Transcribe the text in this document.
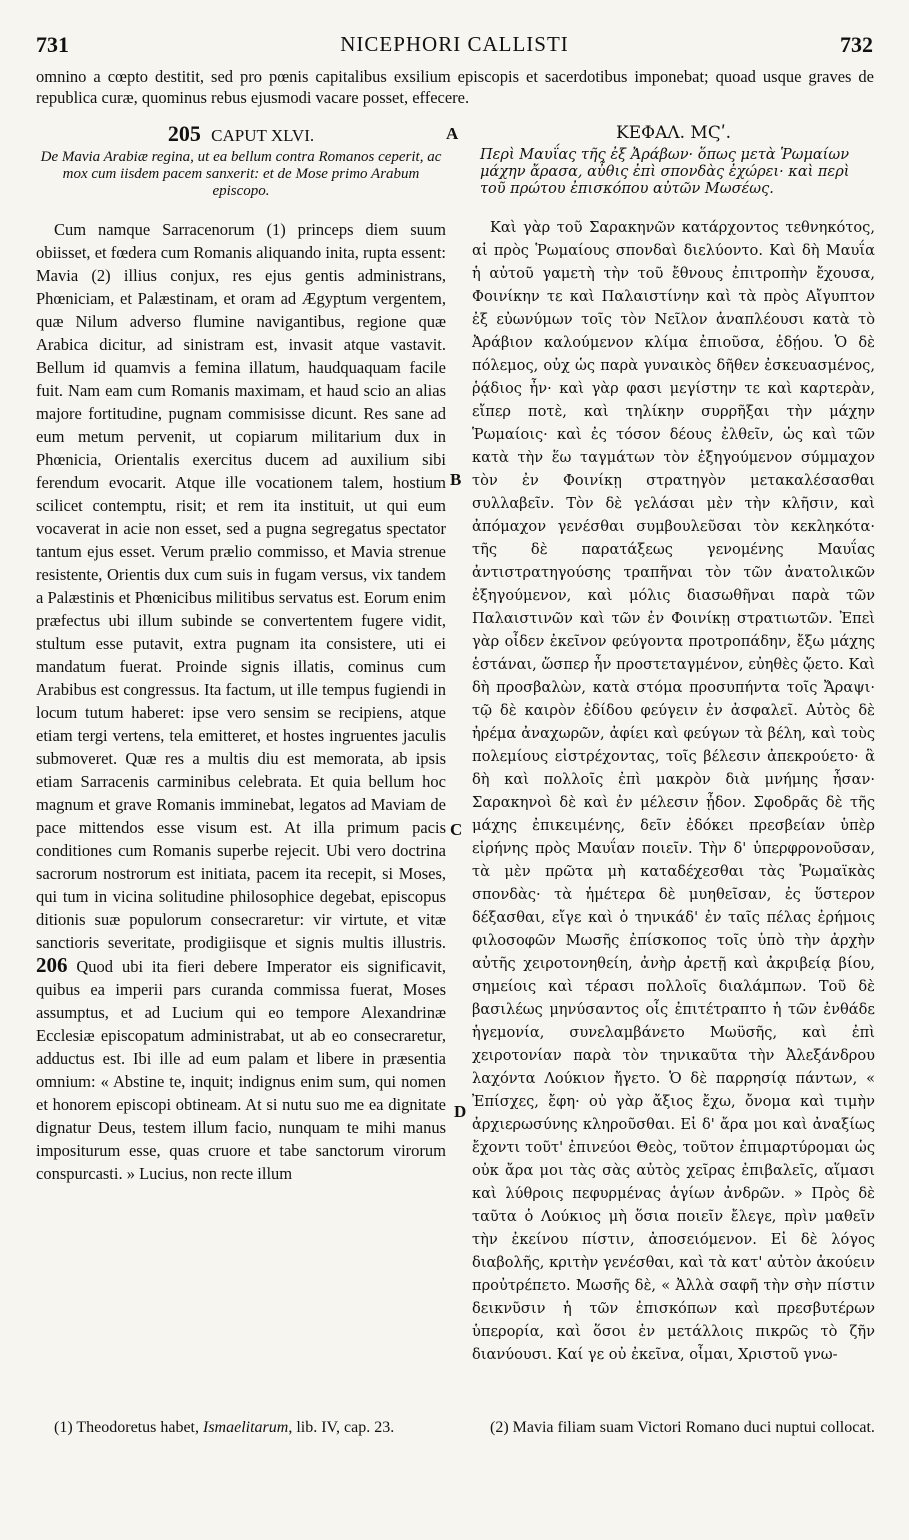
731	NICEPHORI CALLISTI	732
omnino a cœpto destitit, sed pro pœnis capitalibus exsilium episcopis et sacerdotibus imponebat; quoad usque graves de republica curæ, quominus rebus ejusmodi vacare posset, effecere.
205 CAPUT XLVI.
De Mavia Arabiæ regina, ut ea bellum contra Romanos ceperit, ac mox cum iisdem pacem sanxerit: et de Mose primo Arabum episcopo.
Cum namque Sarracenorum (1) princeps diem suum obiisset, et fœdera cum Romanis aliquando inita, rupta essent: Mavia (2) illius conjux, res ejus gentis administrans, Phœniciam, et Palæstinam, et oram ad Ægyptum vergentem, quæ Nilum adverso flumine navigantibus, regione quæ Arabica dicitur, ad sinistram est, invasit atque vastavit. Bellum id quamvis a femina illatum, haudquaquam facile fuit. Nam eam cum Romanis maximam, et haud scio an alias majore fortitudine, pugnam commisisse dicunt. Res sane ad eum metum pervenit, ut copiarum militarium dux in Phœnicia, Orientalis exercitus ducem ad auxilium sibi ferendum evocarit. Atque ille vocationem talem, hostium scilicet contemptu, risit; et rem ita instituit, ut qui eum vocaverat in acie non esset, sed a pugna segregatus spectator tantum ejus esset. Verum prælio commisso, et Mavia strenue resistente, Orientis dux cum suis in fugam versus, vix tandem a Palæstinis et Phœnicibus militibus servatus est. Eorum enim præfectus ubi illum subinde se convertentem fugere vidit, stultum esse putavit, extra pugnam ita consistere, uti ei mandatum fuerat. Proinde signis illatis, cominus cum Arabibus est congressus. Ita factum, ut ille tempus fugiendi in locum tutum haberet: ipse vero sensim se recipiens, atque etiam tergi vertens, tela emitteret, et hostes ingruentes jaculis submoveret. Quæ res a multis diu est memorata, ab ipsis etiam Sarracenis carminibus celebrata. Et quia bellum hoc magnum et grave Romanis imminebat, legatos ad Maviam de pace mittendos esse visum est. At illa primum pacis conditiones cum Romanis superbe rejecit. Ubi vero doctrina sacrorum nostrorum est initiata, pacem ita recepit, si Moses, qui tum in vicina solitudine philosophice degebat, episcopus ditionis suæ populorum consecraretur: vir virtute, et vitæ sanctioris severitate, prodigiisque et signis multis illustris. 206 Quod ubi ita fieri debere Imperator eis significavit, quibus ea imperii pars curanda commissa fuerat, Moses assumptus, et ad Lucium qui eo tempore Alexandrinæ Ecclesiæ episcopatum administrabat, ut ab eo consecraretur, adductus est. Ibi ille ad eum palam et libere in præsentia omnium: « Abstine te, inquit; indignus enim sum, qui nomen et honorem episcopi obtineam. At si nutu suo me ea dignitate dignatur Deus, testem illum facio, nunquam te mihi manus impositurum esse, quas cruore et tabe sanctorum virorum conspurcasti. » Lucius, non recte illum
ΚΕΦΑΛ. ΜϚʹ.
Περὶ Μαυΐας τῆς ἐξ Ἀράβων· ὅπως μετὰ Ῥωμαίων μάχην ἄρασα, αὖθις ἐπὶ σπονδὰς ἐχώρει· καὶ περὶ τοῦ πρώτου ἐπισκόπου αὐτῶν Μωσέως.
Καὶ γὰρ τοῦ Σαρακηνῶν κατάρχοντος τεθνηκότος, αἱ πρὸς Ῥωμαίους σπονδαὶ διελύοντο. Καὶ δὴ Μαυΐα ἡ αὐτοῦ γαμετὴ τὴν τοῦ ἔθνους ἐπιτροπὴν ἔχουσα, Φοινίκην τε καὶ Παλαιστίνην καὶ τὰ πρὸς Αἴγυπτον ἐξ εὐωνύμων τοῖς τὸν Νεῖλον ἀναπλέουσι κατὰ τὸ Ἀράβιον καλούμενον κλίμα ἐπιοῦσα, ἐδῄου. Ὁ δὲ πόλεμος, οὐχ ὡς παρὰ γυναικὸς δῆθεν ἐσκευασμένος, ῥᾴδιος ἦν· καὶ γὰρ φασι μεγίστην τε καὶ καρτερὰν, εἴπερ ποτὲ, καὶ τηλίκην συρρῆξαι τὴν μάχην Ῥωμαίοις· καὶ ἐς τόσον δέους ἐλθεῖν, ὡς καὶ τῶν κατὰ τὴν ἕω ταγμάτων τὸν ἐξηγούμενον σύμμαχον τὸν ἐν Φοινίκῃ στρατηγὸν μετακαλέσασθαι συλλαβεῖν. Τὸν δὲ γελάσαι μὲν τὴν κλῆσιν, καὶ ἀπόμαχον γενέσθαι συμβουλεῦσαι τὸν κεκληκότα· τῆς δὲ παρατάξεως γενομένης Μαυΐας ἀντιστρατηγούσης τραπῆναι τὸν τῶν ἀνατολικῶν ἐξηγούμενον, καὶ μόλις διασωθῆναι παρὰ τῶν Παλαιστινῶν καὶ τῶν ἐν Φοινίκῃ στρατιωτῶν. Ἐπεὶ γὰρ οἶδεν ἐκεῖνον φεύγοντα προτροπάδην, ἔξω μάχης ἑστάναι, ὥσπερ ἦν προστεταγμένον, εὐηθὲς ᾤετο. Καὶ δὴ προσβαλὼν, κατὰ στόμα προσυπήντα τοῖς Ἄραψι· τῷ δὲ καιρὸν ἐδίδου φεύγειν ἐν ἀσφαλεῖ. Αὐτὸς δὲ ἠρέμα ἀναχωρῶν, ἀφίει καὶ φεύγων τὰ βέλη, καὶ τοὺς πολεμίους εἰστρέχοντας, τοῖς βέλεσιν ἀπεκρούετο· ἃ δὴ καὶ πολλοῖς ἐπὶ μακρὸν διὰ μνήμης ἦσαν· Σαρακηνοὶ δὲ καὶ ἐν μέλεσιν ᾖδον. Σφοδρᾶς δὲ τῆς μάχης ἐπικειμένης, δεῖν ἐδόκει πρεσβείαν ὑπὲρ εἰρήνης πρὸς Μαυΐαν ποιεῖν. Τὴν δ' ὑπερφρονοῦσαν, τὰ μὲν πρῶτα μὴ καταδέχεσθαι τὰς Ῥωμαϊκὰς σπονδὰς· τὰ ἡμέτερα δὲ μυηθεῖσαν, ἐς ὕστερον δέξασθαι, εἴγε καὶ ὁ τηνικάδ' ἐν ταῖς πέλας ἐρήμοις φιλοσοφῶν Μωσῆς ἐπίσκοπος τοῖς ὑπὸ τὴν ἀρχὴν αὐτῆς χειροτονηθείη, ἀνὴρ ἀρετῇ καὶ ἀκριβείᾳ βίου, σημείοις καὶ τέρασι πολλοῖς διαλάμπων. Τοῦ δὲ βασιλέως μηνύσαντος οἷς ἐπιτέτραπτο ἡ τῶν ἐνθάδε ἡγεμονία, συνελαμβάνετο Μωϋσῆς, καὶ ἐπὶ χειροτονίαν παρὰ τὸν τηνικαῦτα τὴν Ἀλεξάνδρου λαχόντα Λούκιον ἤγετο. Ὁ δὲ παρρησίᾳ πάντων, « Ἐπίσχες, ἔφη· οὐ γὰρ ἄξιος ἔχω, ὄνομα καὶ τιμὴν ἀρχιερωσύνης κληροῦσθαι. Εἰ δ' ἄρα μοι καὶ ἀναξίως ἔχοντι τοῦτ' ἐπινεύοι Θεὸς, τοῦτον ἐπιμαρτύρομαι ὡς οὐκ ἄρα μοι τὰς σὰς αὐτὸς χεῖρας ἐπιβαλεῖς, αἵμασι καὶ λύθροις πεφυρμένας ἁγίων ἀνδρῶν. » Πρὸς δὲ ταῦτα ὁ Λούκιος μὴ ὅσια ποιεῖν ἔλεγε, πρὶν μαθεῖν τὴν ἐκείνου πίστιν, ἀποσειόμενον. Εἰ δὲ λόγος διαβολῆς, κριτὴν γενέσθαι, καὶ τὰ κατ' αὐτὸν ἀκούειν προὐτρέπετο. Μωσῆς δὲ, « Ἀλλὰ σαφῆ τὴν σὴν πίστιν δεικνῦσιν ἡ τῶν ἐπισκόπων καὶ πρεσβυτέρων ὑπερορία, καὶ ὅσοι ἐν μετάλλοις πικρῶς τὸ ζῆν διανύουσι. Καί γε οὐ ἐκεῖνα, οἶμαι, Χριστοῦ γνω-
A
B
C
D
(1) Theodoretus habet, Ismaelitarum, lib. IV, cap. 23.	(2) Mavia filiam suam Victori Romano duci nuptui collocat.
